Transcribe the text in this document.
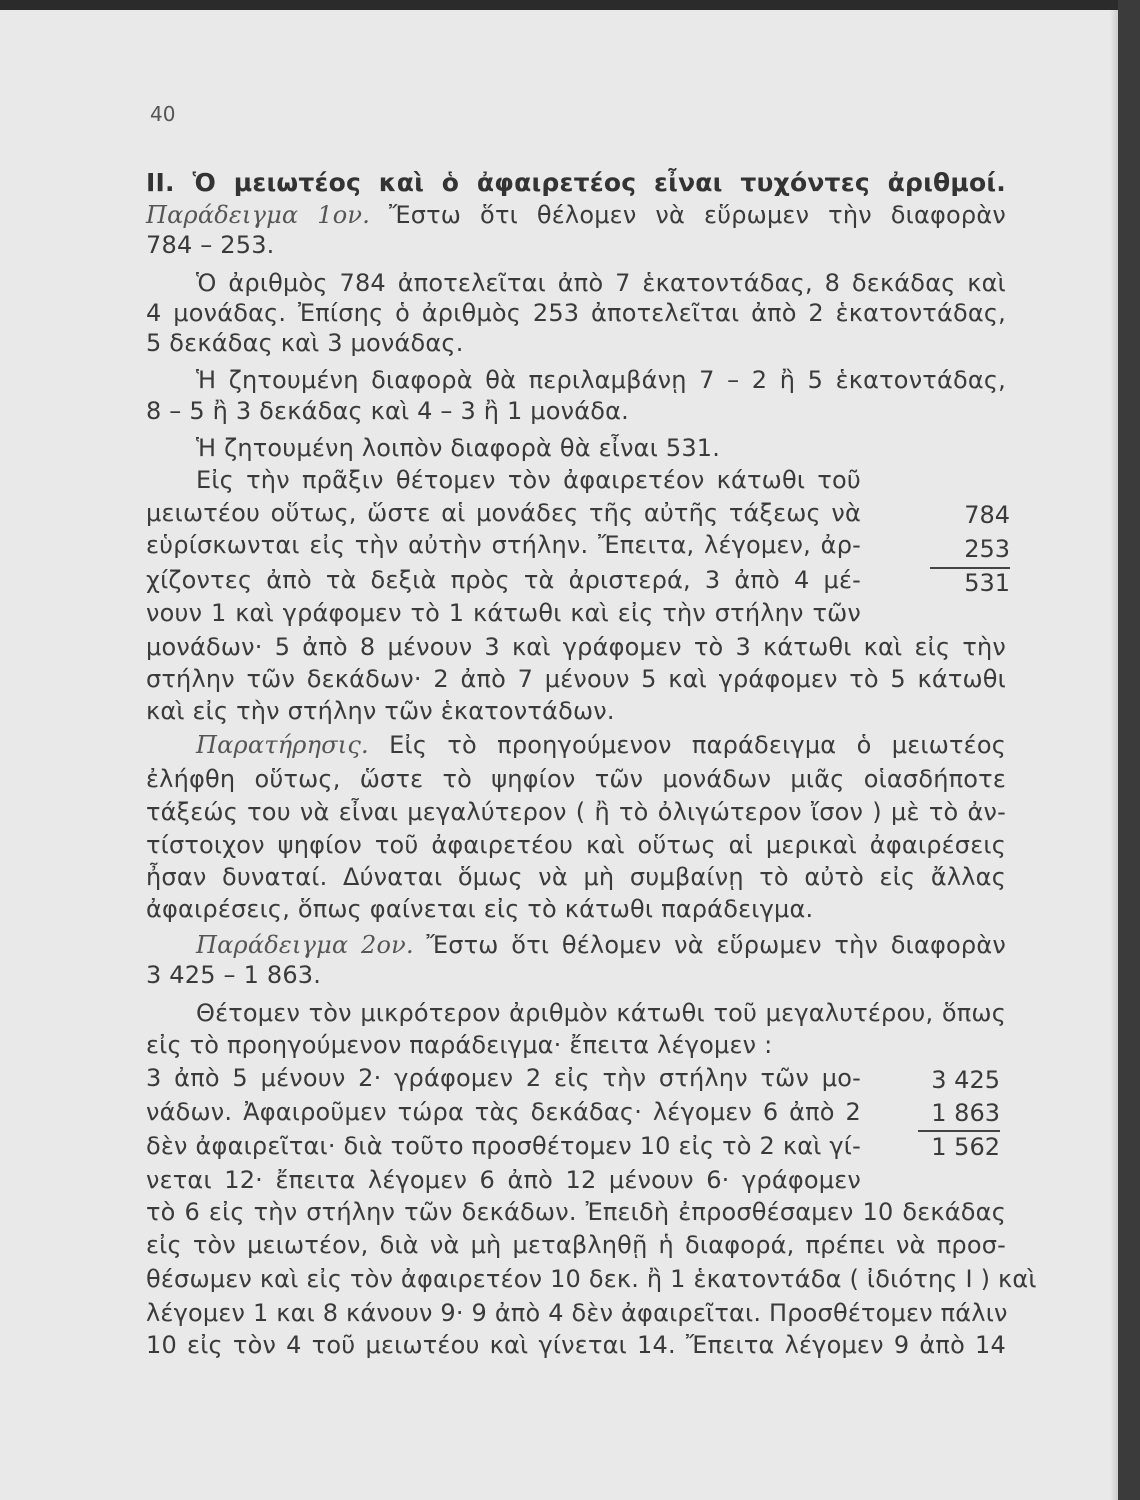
40
ΙΙ. Ὁ μειωτέος καὶ ὁ ἀφαιρετέος εἶναι τυχόντες ἀριθμοί.
Παράδειγμα 1ον. Ἔστω ὅτι θέλομεν νὰ εὕρωμεν τὴν διαφορὰν
784 – 253.
Ὁ ἀριθμὸς 784 ἀποτελεῖται ἀπὸ 7 ἑκατοντάδας, 8 δεκάδας καὶ
4 μονάδας. Ἐπίσης ὁ ἀριθμὸς 253 ἀποτελεῖται ἀπὸ 2 ἑκατοντάδας,
5 δεκάδας καὶ 3 μονάδας.
Ἡ ζητουμένη διαφορὰ θὰ περιλαμβάνῃ 7 – 2 ἢ 5 ἑκατοντάδας,
8 – 5 ἢ 3 δεκάδας καὶ 4 – 3 ἢ 1 μονάδα.
Ἡ ζητουμένη λοιπὸν διαφορὰ θὰ εἶναι 531.
Εἰς τὴν πρᾶξιν θέτομεν τὸν ἀφαιρετέον κάτωθι τοῦ
μειωτέου οὕτως, ὥστε αἱ μονάδες τῆς αὐτῆς τάξεως νὰ
εὑρίσκωνται εἰς τὴν αὐτὴν στήλην. Ἔπειτα, λέγομεν, ἀρ-
χίζοντες ἀπὸ τὰ δεξιὰ πρὸς τὰ ἀριστερά, 3 ἀπὸ 4 μέ-
νουν 1 καὶ γράφομεν τὸ 1 κάτωθι καὶ εἰς τὴν στήλην τῶν
μονάδων· 5 ἀπὸ 8 μένουν 3 καὶ γράφομεν τὸ 3 κάτωθι καὶ εἰς τὴν
στήλην τῶν δεκάδων· 2 ἀπὸ 7 μένουν 5 καὶ γράφομεν τὸ 5 κάτωθι
καὶ εἰς τὴν στήλην τῶν ἑκατοντάδων.
784
253
531
Παρατήρησις. Εἰς τὸ προηγούμενον παράδειγμα ὁ μειωτέος
ἐλήφθη οὕτως, ὥστε τὸ ψηφίον τῶν μονάδων μιᾶς οἱασδήποτε
τάξεώς του νὰ εἶναι μεγαλύτερον ( ἢ τὸ ὀλιγώτερον ἴσον ) μὲ τὸ ἀν-
τίστοιχον ψηφίον τοῦ ἀφαιρετέου καὶ οὕτως αἱ μερικαὶ ἀφαιρέσεις
ἦσαν δυναταί. Δύναται ὅμως νὰ μὴ συμβαίνῃ τὸ αὐτὸ εἰς ἄλλας
ἀφαιρέσεις, ὅπως φαίνεται εἰς τὸ κάτωθι παράδειγμα.
Παράδειγμα 2ον. Ἔστω ὅτι θέλομεν νὰ εὕρωμεν τὴν διαφορὰν
3 425 – 1 863.
Θέτομεν τὸν μικρότερον ἀριθμὸν κάτωθι τοῦ μεγαλυτέρου, ὅπως
εἰς τὸ προηγούμενον παράδειγμα· ἔπειτα λέγομεν :
3 ἀπὸ 5 μένουν 2· γράφομεν 2 εἰς τὴν στήλην τῶν μο-
νάδων. Ἀφαιροῦμεν τώρα τὰς δεκάδας· λέγομεν 6 ἀπὸ 2
δὲν ἀφαιρεῖται· διὰ τοῦτο προσθέτομεν 10 εἰς τὸ 2 καὶ γί-
νεται 12· ἔπειτα λέγομεν 6 ἀπὸ 12 μένουν 6· γράφομεν
τὸ 6 εἰς τὴν στήλην τῶν δεκάδων. Ἐπειδὴ ἐπροσθέσαμεν 10 δεκάδας
εἰς τὸν μειωτέον, διὰ νὰ μὴ μεταβληθῇ ἡ διαφορά, πρέπει νὰ προσ-
θέσωμεν καὶ εἰς τὸν ἀφαιρετέον 10 δεκ. ἢ 1 ἑκατοντάδα ( ἰδιότης Ι ) καὶ
λέγομεν 1 και 8 κάνουν 9· 9 ἀπὸ 4 δὲν ἀφαιρεῖται. Προσθέτομεν πάλιν
10 εἰς τὸν 4 τοῦ μειωτέου καὶ γίνεται 14. Ἔπειτα λέγομεν 9 ἀπὸ 14
3 425
1 863
1 562
